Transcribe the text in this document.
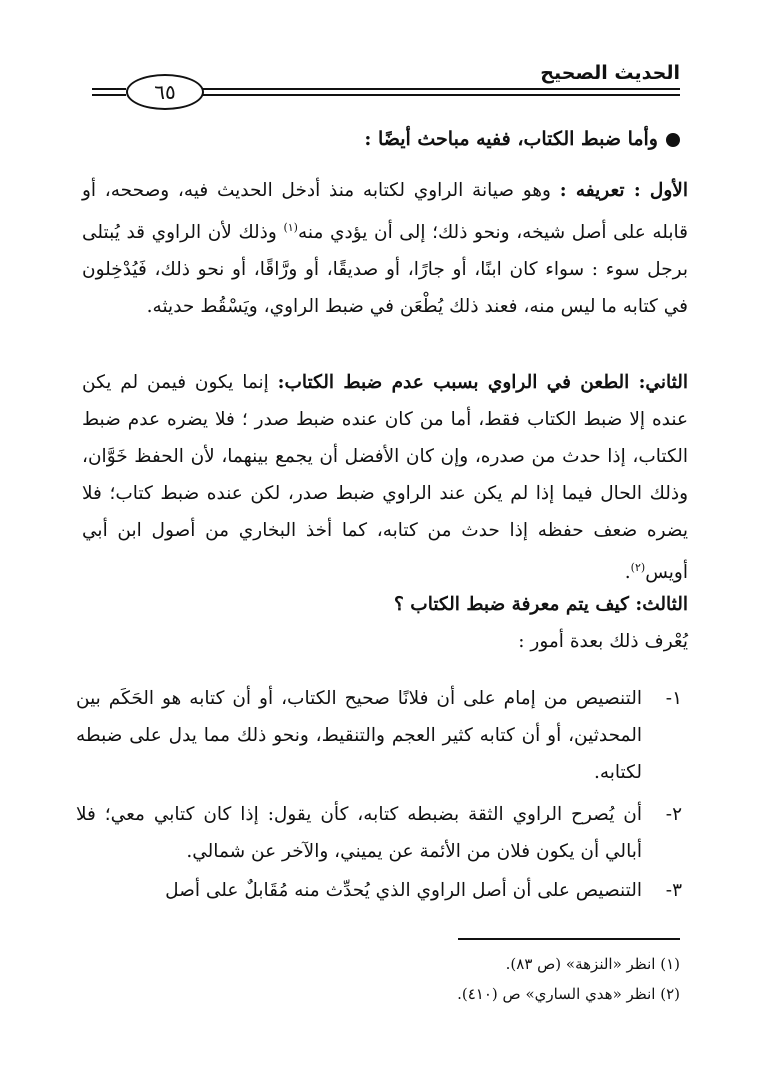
الحديث الصحيح
٦٥
وأما ضبط الكتاب، ففيه مباحث أيضًا :
الأول : تعريفه : وهو صيانة الراوي لكتابه منذ أدخل الحديث فيه، وصححه، أو قابله على أصل شيخه، ونحو ذلك؛ إلى أن يؤدي منه$^{(١)}$ وذلك لأن الراوي قد يُبتلى برجل سوء : سواء كان ابنًا، أو جارًا، أو صديقًا، أو ورَّاقًا، أو نحو ذلك، فَيُدْخِلون في كتابه ما ليس منه، فعند ذلك يُطْعَن في ضبط الراوي، ويَسْقُط حديثه.
الثاني: الطعن في الراوي بسبب عدم ضبط الكتاب: إنما يكون فيمن لم يكن عنده إلا ضبط الكتاب فقط، أما من كان عنده ضبط صدر ؛ فلا يضره عدم ضبط الكتاب، إذا حدث من صدره، وإن كان الأفضل أن يجمع بينهما، لأن الحفظ خَوَّان، وذلك الحال فيما إذا لم يكن عند الراوي ضبط صدر، لكن عنده ضبط كتاب؛ فلا يضره ضعف حفظه إذا حدث من كتابه، كما أخذ البخاري من أصول ابن أبي أويس$^{(٢)}$.
الثالث: كيف يتم معرفة ضبط الكتاب ؟
يُعْرف ذلك بعدة أمور :
١-
التنصيص من إمام على أن فلانًا صحيح الكتاب، أو أن كتابه هو الحَكَم بين المحدثين، أو أن كتابه كثير العجم والتنقيط، ونحو ذلك مما يدل على ضبطه لكتابه.
٢-
أن يُصرح الراوي الثقة بضبطه كتابه، كأن يقول: إذا كان كتابي معي؛ فلا أبالي أن يكون فلان من الأئمة عن يميني، والآخر عن شمالي.
٣-
التنصيص على أن أصل الراوي الذي يُحدِّث منه مُقَابلٌ على أصل
(١) انظر «النزهة» (ص ٨٣).
(٢) انظر «هدي الساري» ص (٤١٠).
